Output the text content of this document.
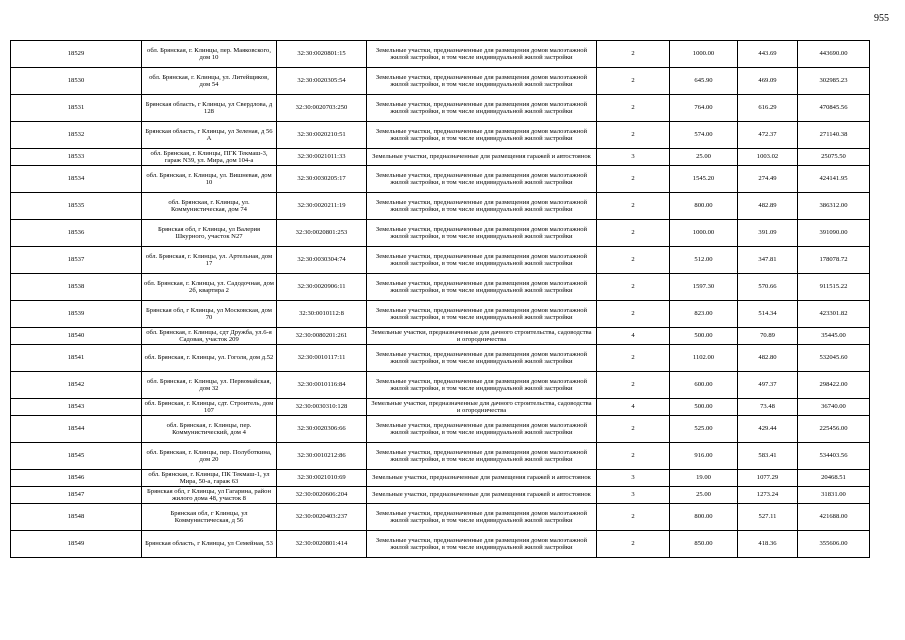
955
18529	обл. Брянская, г. Клинцы, пер. Маяковского, дом 10	32:30:0020801:15	Земельные участки, предназначенные для размещения домов малоэтажной жилой застройки, в том числе индивидуальной жилой застройки	2	1000.00	443.69	443690.00
18530	обл. Брянская, г. Клинцы, ул. Литейщиков, дом 54	32:30:0020305:54	Земельные участки, предназначенные для размещения домов малоэтажной жилой застройки, в том числе индивидуальной жилой застройки	2	645.90	469.09	302985.23
18531	Брянская область, г Клинцы, ул Свердлова, д 128	32:30:0020703:250	Земельные участки, предназначенные для размещения домов малоэтажной жилой застройки, в том числе индивидуальной жилой застройки	2	764.00	616.29	470845.56
18532	Брянская область, г Клинцы, ул Зеленая, д 56 А	32:30:0020210:51	Земельные участки, предназначенные для размещения домов малоэтажной жилой застройки, в том числе индивидуальной жилой застройки	2	574.00	472.37	271140.38
18533	обл. Брянская, г. Клинцы, ПГК Текмаш-3, гараж N39, ул. Мира, дом 104-а	32:30:0021011:33	Земельные участки, предназначенные для размещения гаражей и автостоянок	3	25.00	1003.02	25075.50
18534	обл. Брянская, г. Клинцы, ул. Вишневая, дом 10	32:30:0030205:17	Земельные участки, предназначенные для размещения домов малоэтажной жилой застройки, в том числе индивидуальной жилой застройки	2	1545.20	274.49	424141.95
18535	обл. Брянская, г. Клинцы, ул. Коммунистическая, дом 74	32:30:0020211:19	Земельные участки, предназначенные для размещения домов малоэтажной жилой застройки, в том числе индивидуальной жилой застройки	2	800.00	482.89	386312.00
18536	Брянская обл, г Клинцы, ул Валерия Шкурного, участок N27	32:30:0020801:253	Земельные участки, предназначенные для размещения домов малоэтажной жилой застройки, в том числе индивидуальной жилой застройки	2	1000.00	391.09	391090.00
18537	обл. Брянская, г. Клинцы, ул. Артельная, дом 17	32:30:0030304:74	Земельные участки, предназначенные для размещения домов малоэтажной жилой застройки, в том числе индивидуальной жилой застройки	2	512.00	347.81	178078.72
18538	обл. Брянская, г. Клинцы, ул. Садодочная, дом 2б, квартира 2	32:30:0020906:11	Земельные участки, предназначенные для размещения домов малоэтажной жилой застройки, в том числе индивидуальной жилой застройки	2	1597.30	570.66	911515.22
18539	Брянская обл, г Клинцы, ул Московская, дом 70	32:30:0010112:8	Земельные участки, предназначенные для размещения домов малоэтажной жилой застройки, в том числе индивидуальной жилой застройки	2	823.00	514.34	423301.82
18540	обл. Брянская, г. Клинцы, сдт Дружба, ул.6-я Садовая, участок 209	32:30:0080201:261	Земельные участки, предназначенные для дачного строительства, садоводства и огородничества	4	500.00	70.89	35445.00
18541	обл. Брянская, г. Клинцы, ул. Гоголя, дом д.52	32:30:0010117:11	Земельные участки, предназначенные для размещения домов малоэтажной жилой застройки, в том числе индивидуальной жилой застройки	2	1102.00	482.80	532045.60
18542	обл. Брянская, г. Клинцы, ул. Первомайская, дом 32	32:30:0010116:84	Земельные участки, предназначенные для размещения домов малоэтажной жилой застройки, в том числе индивидуальной жилой застройки	2	600.00	497.37	298422.00
18543	обл. Брянская, г. Клинцы, сдт. Строитель, дом 107	32:30:0030310:128	Земельные участки, предназначенные для дачного строительства, садоводства и огородничества	4	500.00	73.48	36740.00
18544	обл. Брянская, г. Клинцы, пер. Коммунистический, дом 4	32:30:0020306:66	Земельные участки, предназначенные для размещения домов малоэтажной жилой застройки, в том числе индивидуальной жилой застройки	2	525.00	429.44	225456.00
18545	обл. Брянская, г. Клинцы, пер. Полуботкина, дом 20	32:30:0010212:86	Земельные участки, предназначенные для размещения домов малоэтажной жилой застройки, в том числе индивидуальной жилой застройки	2	916.00	583.41	534403.56
18546	обл. Брянская, г. Клинцы, ПК Текмаш-1, ул Мира, 50-а, гараж 63	32:30:0021010:69	Земельные участки, предназначенные для размещения гаражей и автостоянок	3	19.00	1077.29	20468.51
18547	Брянская обл, г Клинцы, ул Гагарина, район жилого дома 48, участок 8	32:30:0020606:204	Земельные участки, предназначенные для размещения гаражей и автостоянок	3	25.00	1273.24	31831.00
18548	Брянская обл, г Клинцы, ул Коммунистическая, д 56	32:30:0020403:237	Земельные участки, предназначенные для размещения домов малоэтажной жилой застройки, в том числе индивидуальной жилой застройки	2	800.00	527.11	421688.00
18549	Брянская область, г Клинцы, ул Семейная, 53	32:30:0020801:414	Земельные участки, предназначенные для размещения домов малоэтажной жилой застройки, в том числе индивидуальной жилой застройки	2	850.00	418.36	355606.00
